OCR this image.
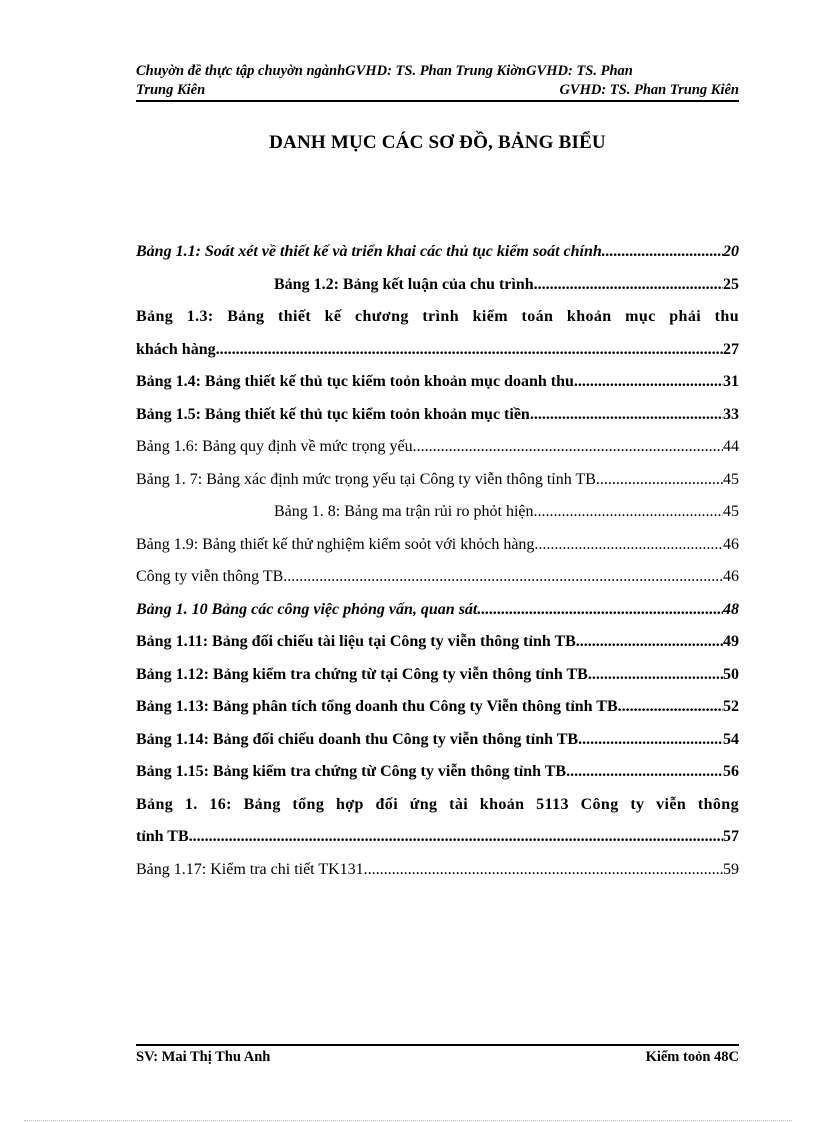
Chuyờn đề thực tập chuyờn ngànhGVHD: TS. Phan Trung KiờnGVHD: TS. Phan
Trung Kiên	GVHD: TS. Phan Trung Kiên
DANH MỤC CÁC SƠ ĐỒ, BẢNG BIỂU
Bảng 1.1: Soát xét về thiết kế và triển khai các thủ tục kiểm soát chính .....	20
Bảng 1.2: Bảng kết luận của chu trình .....	25
Bảng 1.3: Bảng thiết kế chương trình kiểm toán khoản mục phải thu
khách hàng .....	27
Bảng 1.4: Bảng thiết kế thủ tục kiểm toỏn khoản mục doanh thu .....	31
Bảng 1.5: Bảng thiết kế thủ tục kiểm toỏn khoản mục tiền .....	33
Bảng 1.6: Bảng quy định về mức trọng yếu .....	44
Bảng 1. 7: Bảng xác định mức trọng yếu tại Công ty viễn thông tỉnh TB .....	45
Bảng 1. 8: Bảng ma trận rủi ro phỏt hiện .....	45
Bảng 1.9: Bảng thiết kế thử nghiệm kiểm soỏt với khỏch hàng .....	46
Công ty viễn thông TB .....	46
Bảng 1. 10 Bảng các công việc phỏng vấn, quan sát .....	48
Bảng 1.11: Bảng đối chiếu tài liệu tại Công ty viễn thông tỉnh TB .....	49
Bảng 1.12: Bảng kiểm tra chứng từ tại Công ty viễn thông tỉnh TB .....	50
Bảng 1.13: Bảng phân tích tổng doanh thu Công ty Viễn thông tỉnh TB .....	52
Bảng 1.14: Bảng đối chiếu doanh thu Công ty viễn thông tỉnh TB .....	54
Bảng 1.15: Bảng kiểm tra chứng từ Công ty viễn thông tỉnh TB .....	56
Bảng 1. 16: Bảng tổng hợp đối ứng tài khoản 5113 Công ty viễn thông
tỉnh TB .....	57
Bảng 1.17: Kiểm tra chi tiết TK131 .....	59
SV: Mai Thị Thu Anh	Kiểm toỏn 48C
